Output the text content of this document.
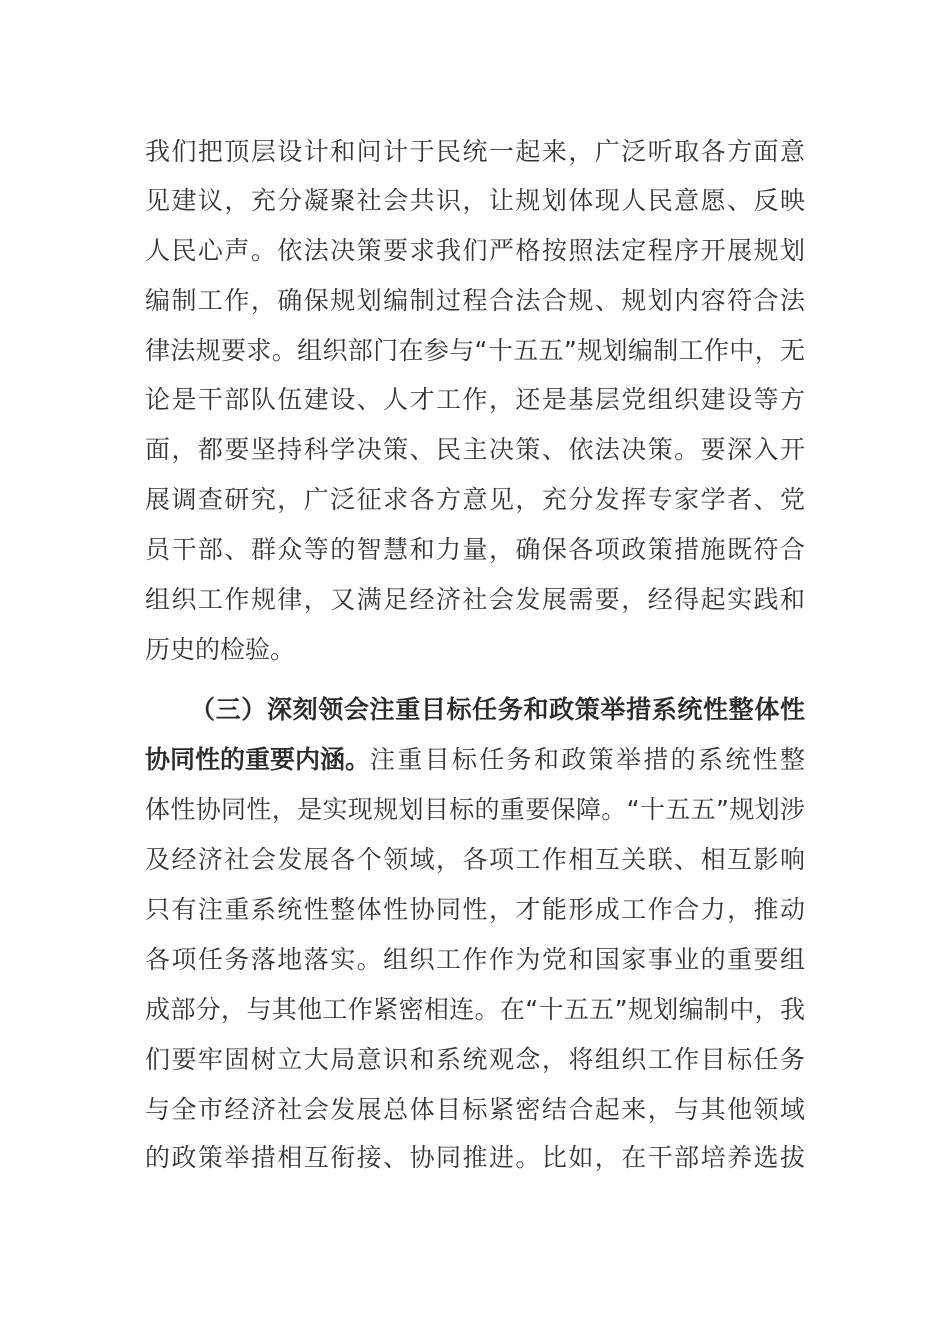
我们把顶层设计和问计于民统一起来，广泛听取各方面意
见建议，充分凝聚社会共识，让规划体现人民意愿、反映
人民心声。依法决策要求我们严格按照法定程序开展规划
编制工作，确保规划编制过程合法合规、规划内容符合法
律法规要求。组织部门在参与“十五五”规划编制工作中，无
论是干部队伍建设、人才工作，还是基层党组织建设等方
面，都要坚持科学决策、民主决策、依法决策。要深入开
展调查研究，广泛征求各方意见，充分发挥专家学者、党
员干部、群众等的智慧和力量，确保各项政策措施既符合
组织工作规律，又满足经济社会发展需要，经得起实践和
历史的检验。
（三）深刻领会注重目标任务和政策举措系统性整体性
协同性的重要内涵。 注重目标任务和政策举措的系统性整
体性协同性，是实现规划目标的重要保障。“十五五”规划涉
及经济社会发展各个领域，各项工作相互关联、相互影响
只有注重系统性整体性协同性，才能形成工作合力，推动
各项任务落地落实。组织工作作为党和国家事业的重要组
成部分，与其他工作紧密相连。在“十五五”规划编制中，我
们要牢固树立大局意识和系统观念，将组织工作目标任务
与全市经济社会发展总体目标紧密结合起来，与其他领域
的政策举措相互衔接、协同推进。比如，在干部培养选拔
